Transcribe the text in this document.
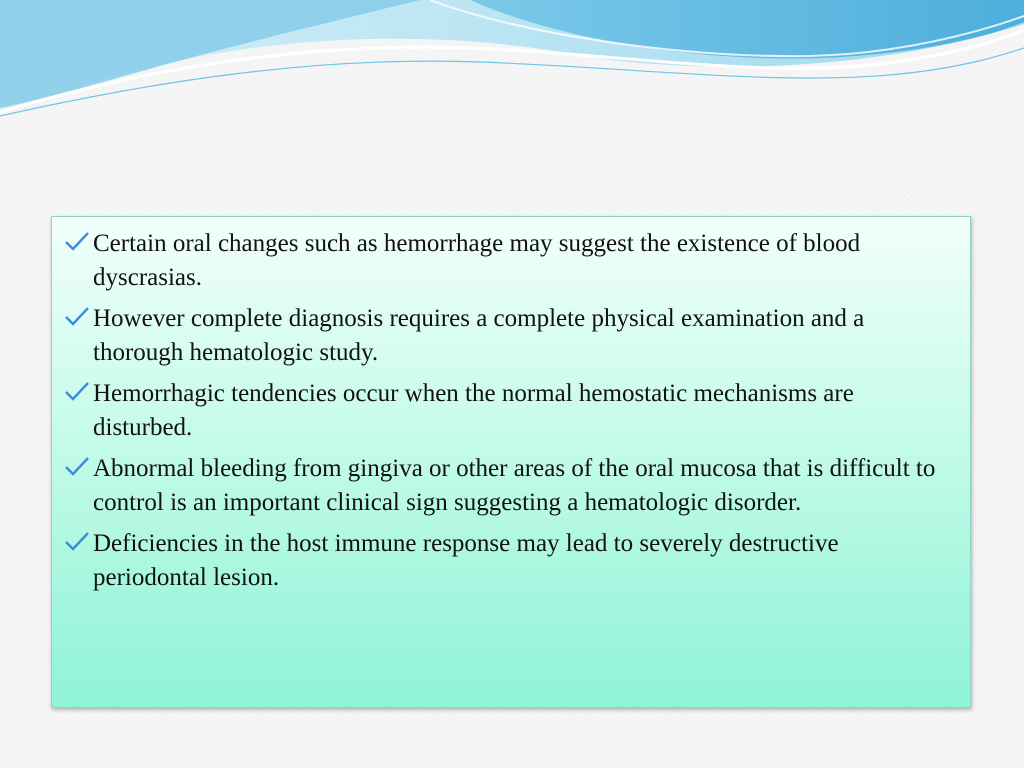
Certain oral changes such as hemorrhage may suggest the existence of blood dyscrasias.
However complete diagnosis requires a complete physical examination and a thorough hematologic study.
Hemorrhagic tendencies occur when the normal hemostatic mechanisms are disturbed.
Abnormal bleeding from gingiva or other areas of the oral mucosa that is difficult to control is an important clinical sign suggesting a hematologic disorder.
Deficiencies in the host immune response may lead to severely destructive periodontal lesion.
